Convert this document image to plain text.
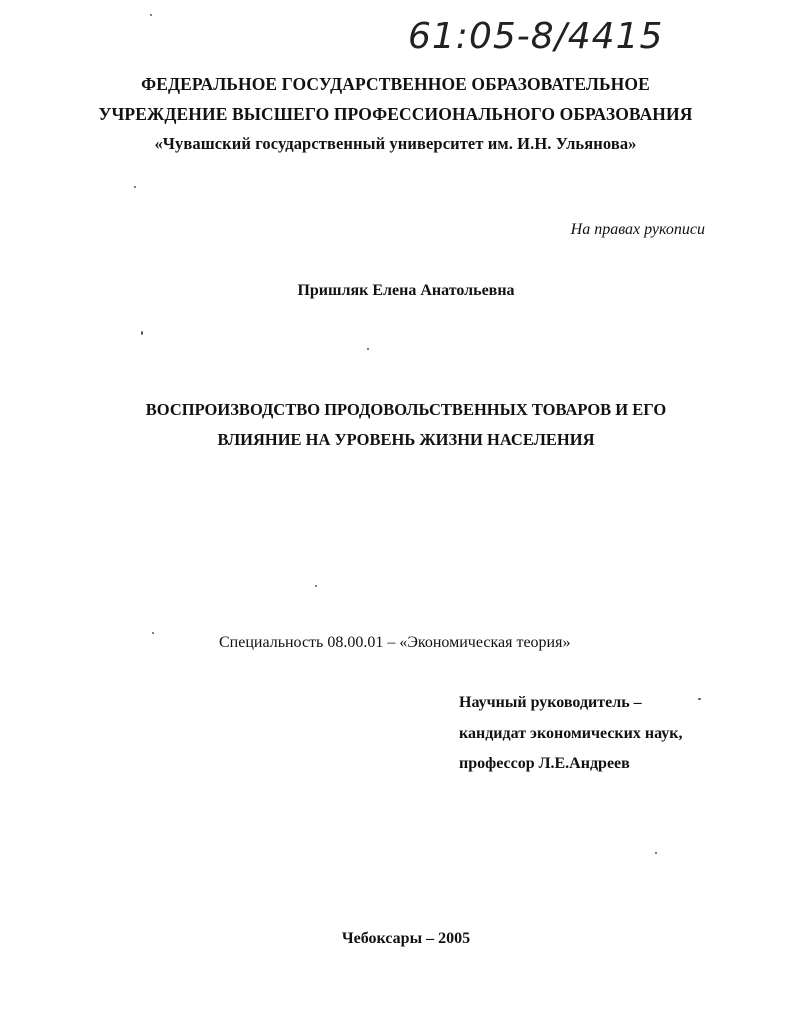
61:05-8/4415
ФЕДЕРАЛЬНОЕ ГОСУДАРСТВЕННОЕ ОБРАЗОВАТЕЛЬНОЕ
УЧРЕЖДЕНИЕ ВЫСШЕГО ПРОФЕССИОНАЛЬНОГО ОБРАЗОВАНИЯ
«Чувашский государственный университет им. И.Н. Ульянова»
На правах рукописи
Пришляк Елена Анатольевна
ВОСПРОИЗВОДСТВО ПРОДОВОЛЬСТВЕННЫХ ТОВАРОВ И ЕГО
ВЛИЯНИЕ НА УРОВЕНЬ ЖИЗНИ НАСЕЛЕНИЯ
Специальность 08.00.01 – «Экономическая теория»
Научный руководитель –
кандидат экономических наук,
профессор Л.Е.Андреев
Чебоксары – 2005
